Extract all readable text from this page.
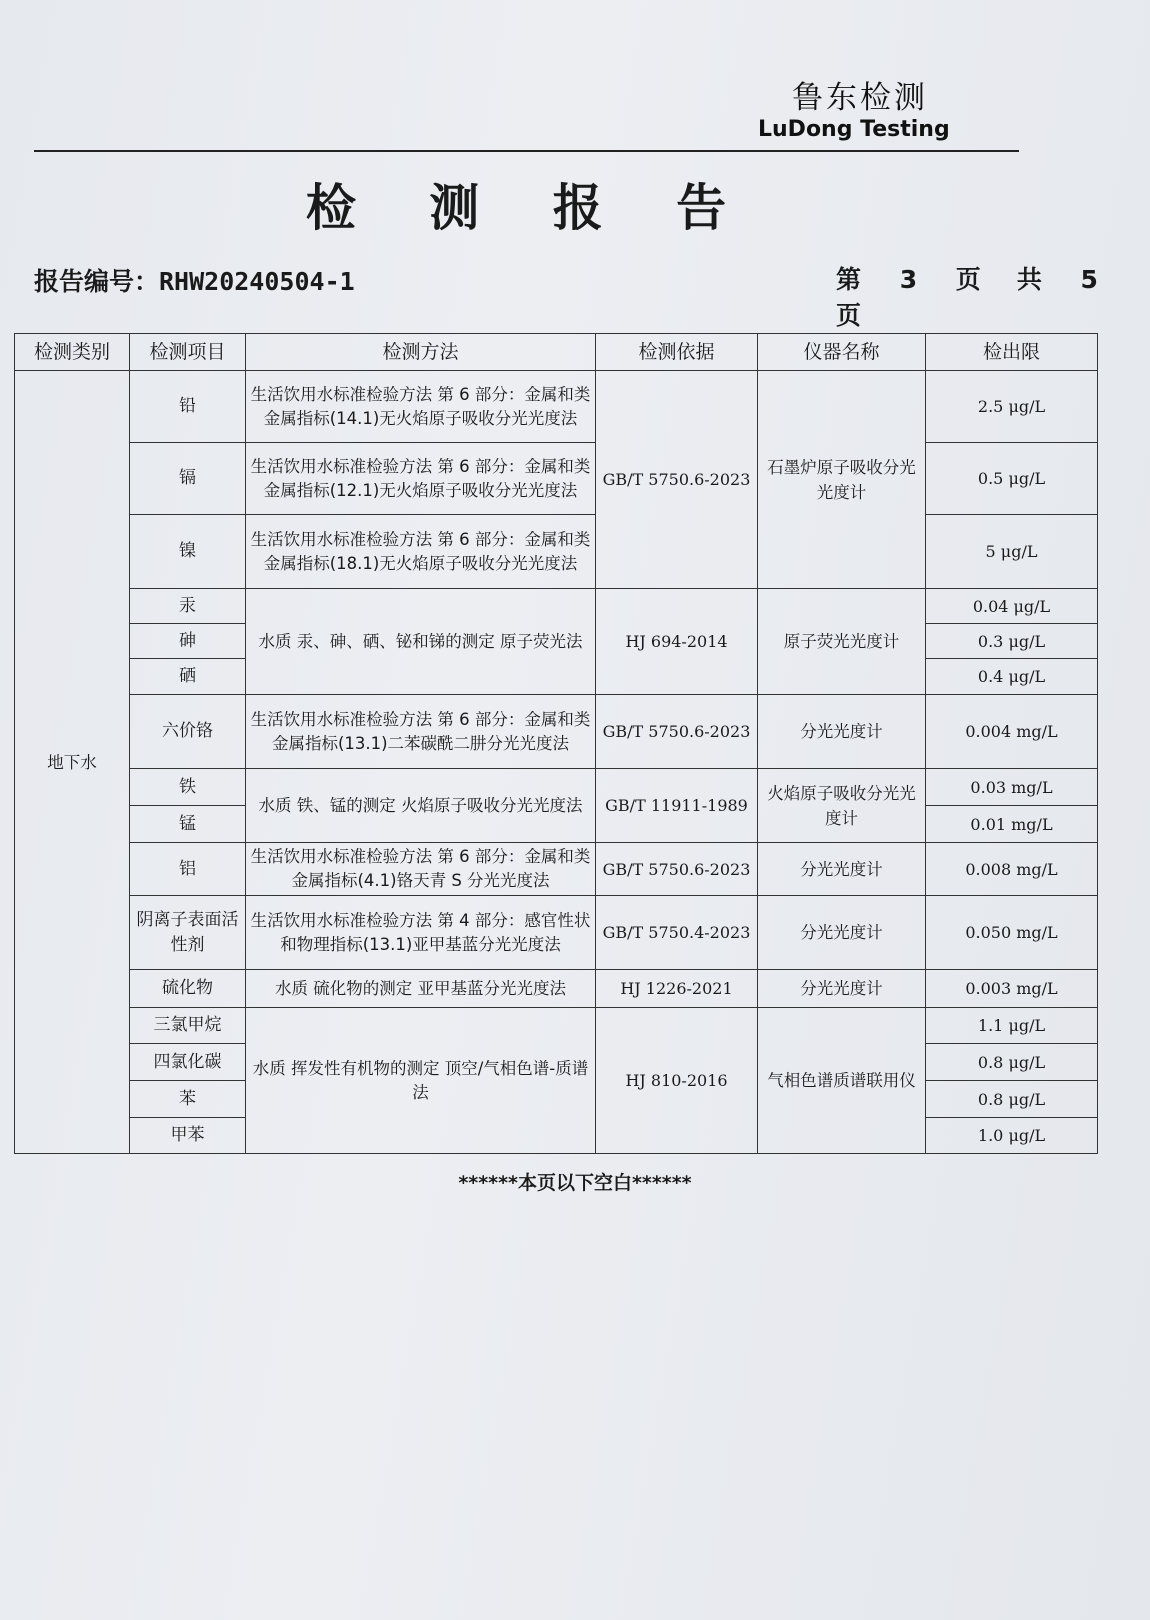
鲁东检测
LuDong Testing
检 测 报 告
报告编号：RHW20240504-1	第 3 页 共 5 页
检测类别	检测项目	检测方法	检测依据	仪器名称	检出限
地下水	铅	生活饮用水标准检验方法 第 6 部分：金属和类金属指标(14.1)无火焰原子吸收分光光度法	GB/T 5750.6-2023	石墨炉原子吸收分光光度计	2.5 μg/L
	镉	生活饮用水标准检验方法 第 6 部分：金属和类金属指标(12.1)无火焰原子吸收分光光度法			0.5 μg/L
	镍	生活饮用水标准检验方法 第 6 部分：金属和类金属指标(18.1)无火焰原子吸收分光光度法			5 μg/L
	汞	水质 汞、砷、硒、铋和锑的测定 原子荧光法	HJ 694-2014	原子荧光光度计	0.04 μg/L
	砷				0.3 μg/L
	硒				0.4 μg/L
	六价铬	生活饮用水标准检验方法 第 6 部分：金属和类金属指标(13.1)二苯碳酰二肼分光光度法	GB/T 5750.6-2023	分光光度计	0.004 mg/L
	铁	水质 铁、锰的测定 火焰原子吸收分光光度法	GB/T 11911-1989	火焰原子吸收分光光度计	0.03 mg/L
	锰				0.01 mg/L
	铝	生活饮用水标准检验方法 第 6 部分：金属和类金属指标(4.1)铬天青 S 分光光度法	GB/T 5750.6-2023	分光光度计	0.008 mg/L
	阴离子表面活性剂	生活饮用水标准检验方法 第 4 部分：感官性状和物理指标(13.1)亚甲基蓝分光光度法	GB/T 5750.4-2023	分光光度计	0.050 mg/L
	硫化物	水质 硫化物的测定 亚甲基蓝分光光度法	HJ 1226-2021	分光光度计	0.003 mg/L
	三氯甲烷	水质 挥发性有机物的测定 顶空/气相色谱-质谱法	HJ 810-2016	气相色谱质谱联用仪	1.1 μg/L
	四氯化碳				0.8 μg/L
	苯				0.8 μg/L
	甲苯				1.0 μg/L
******本页以下空白******
